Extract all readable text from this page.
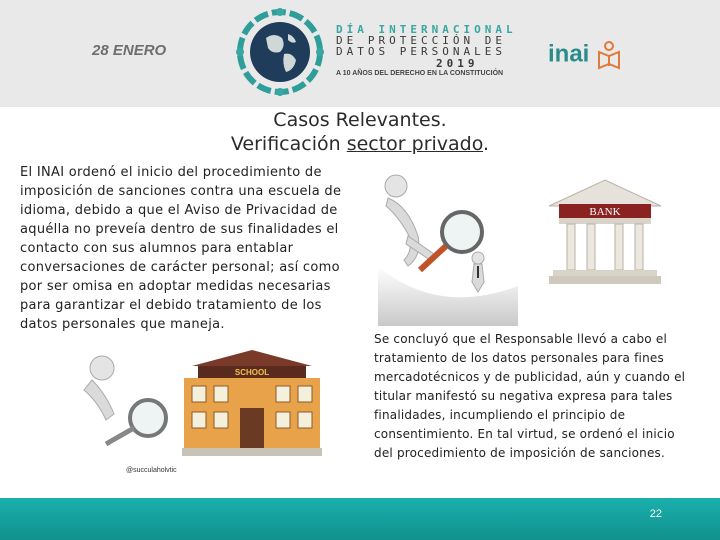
28 ENERO
DÍA INTERNACIONAL
DE PROTECCIÓN DE
DATOS PERSONALES
2019
A 10 AÑOS DEL DERECHO EN LA CONSTITUCIÓN
inai
Casos Relevantes.
Verificación sector privado.
El INAI ordenó el inicio del procedimiento de imposición de sanciones contra una escuela de idioma, debido a que el Aviso de Privacidad de aquélla no preveía dentro de sus finalidades el contacto con sus alumnos para entablar conversaciones de carácter personal; así como por ser omisa en adoptar medidas necesarias para garantizar el debido tratamiento de los datos personales que maneja.
BANK
SCHOOL
@succulaholvtic
Se concluyó que el Responsable llevó a cabo el tratamiento de los datos personales para fines mercadotécnicos y de publicidad, aún y cuando el titular manifestó su negativa expresa para tales finalidades, incumpliendo el principio de consentimiento. En tal virtud, se ordenó el inicio del procedimiento de imposición de sanciones.
22
